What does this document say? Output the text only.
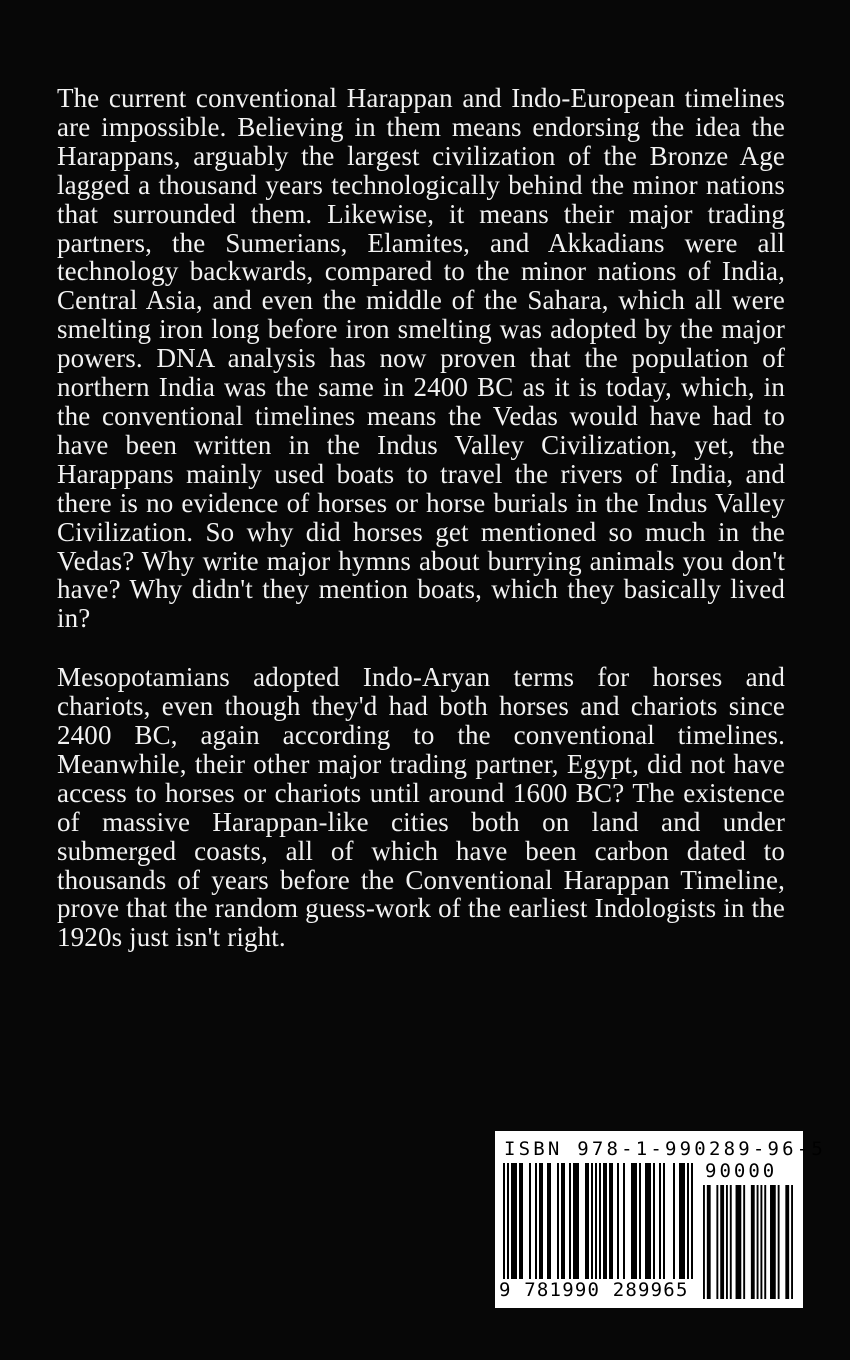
The current conventional Harappan and Indo-European timelines are impossible. Believing in them means endorsing the idea the Harappans, arguably the largest civilization of the Bronze Age lagged a thousand years technologically behind the minor nations that surrounded them. Likewise, it means their major trading partners, the Sumerians, Elamites, and Akkadians were all technology backwards, compared to the minor nations of India, Central Asia, and even the middle of the Sahara, which all were smelting iron long before iron smelting was adopted by the major powers. DNA analysis has now proven that the population of northern India was the same in 2400 BC as it is today, which, in the conventional timelines means the Vedas would have had to have been written in the Indus Valley Civilization, yet, the Harappans mainly used boats to travel the rivers of India, and there is no evidence of horses or horse burials in the Indus Valley Civilization. So why did horses get mentioned so much in the Vedas? Why write major hymns about burrying animals you don't have? Why didn't they mention boats, which they basically lived in?

Mesopotamians adopted Indo-Aryan terms for horses and chariots, even though they'd had both horses and chariots since 2400 BC, again according to the conventional timelines. Meanwhile, their other major trading partner, Egypt, did not have access to horses or chariots until around 1600 BC? The existence of massive Harappan-like cities both on land and under submerged coasts, all of which have been carbon dated to thousands of years before the Conventional Harappan Timeline, prove that the random guess-work of the earliest Indologists in the 1920s just isn't right.

ISBN 978-1-990289-96-5
90000
9 781990 289965
